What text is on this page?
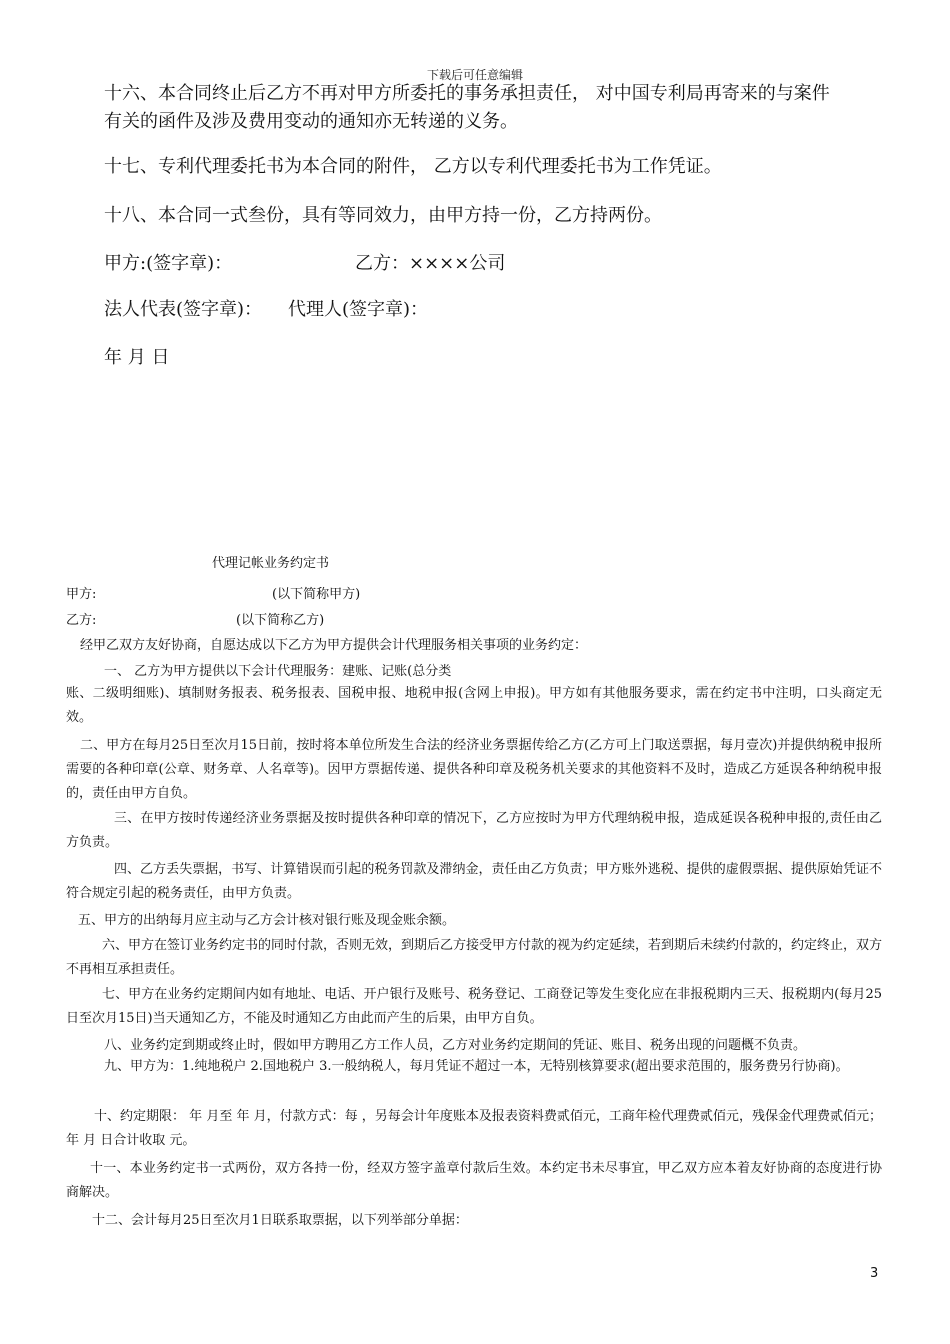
下载后可任意编辑
十六、本合同终止后乙方不再对甲方所委托的事务承担责任， 对中国专利局再寄来的与案件
有关的函件及涉及费用变动的通知亦无转递的义务。
十七、专利代理委托书为本合同的附件， 乙方以专利代理委托书为工作凭证。
十八、本合同一式叁份，具有等同效力，由甲方持一份，乙方持两份。
甲方:(签字章)：	乙方：××××公司
法人代表(签字章)： 代理人(签字章)：
年 月 日
代理记帐业务约定书
甲方:	(以下简称甲方)
乙方:	(以下简称乙方)
经甲乙双方友好协商，自愿达成以下乙方为甲方提供会计代理服务相关事项的业务约定：
一、 乙方为甲方提供以下会计代理服务：建账、记账(总分类
账、二级明细账)、填制财务报表、税务报表、国税申报、地税申报(含网上申报)。甲方如有其他服务要求，需在约定书中注明，口头商定无效。
二、甲方在每月25日至次月15日前，按时将本单位所发生合法的经济业务票据传给乙方(乙方可上门取送票据，每月壹次)并提供纳税申报所需要的各种印章(公章、财务章、人名章等)。因甲方票据传递、提供各种印章及税务机关要求的其他资料不及时，造成乙方延误各种纳税申报的，责任由甲方自负。
三、在甲方按时传递经济业务票据及按时提供各种印章的情况下，乙方应按时为甲方代理纳税申报，造成延误各税种申报的,责任由乙方负责。
四、乙方丢失票据，书写、计算错误而引起的税务罚款及滞纳金，责任由乙方负责；甲方账外逃税、提供的虚假票据、提供原始凭证不符合规定引起的税务责任，由甲方负责。
五、甲方的出纳每月应主动与乙方会计核对银行账及现金账余额。
六、甲方在签订业务约定书的同时付款，否则无效，到期后乙方接受甲方付款的视为约定延续，若到期后未续约付款的，约定终止，双方不再相互承担责任。
七、甲方在业务约定期间内如有地址、电话、开户银行及账号、税务登记、工商登记等发生变化应在非报税期内三天、报税期内(每月25日至次月15日)当天通知乙方，不能及时通知乙方由此而产生的后果，由甲方自负。
八、业务约定到期或终止时，假如甲方聘用乙方工作人员，乙方对业务约定期间的凭证、账目、税务出现的问题概不负责。
九、甲方为：1.纯地税户 2.国地税户 3.一般纳税人，每月凭证不超过一本，无特别核算要求(超出要求范围的，服务费另行协商)。
十、约定期限： 年 月至 年 月，付款方式：每 ，另每会计年度账本及报表资料费贰佰元，工商年检代理费贰佰元，残保金代理费贰佰元； 年 月 日合计收取 元。
十一、本业务约定书一式两份，双方各持一份，经双方签字盖章付款后生效。本约定书未尽事宜，甲乙双方应本着友好协商的态度进行协商解决。
十二、会计每月25日至次月1日联系取票据，以下列举部分单据：
3
